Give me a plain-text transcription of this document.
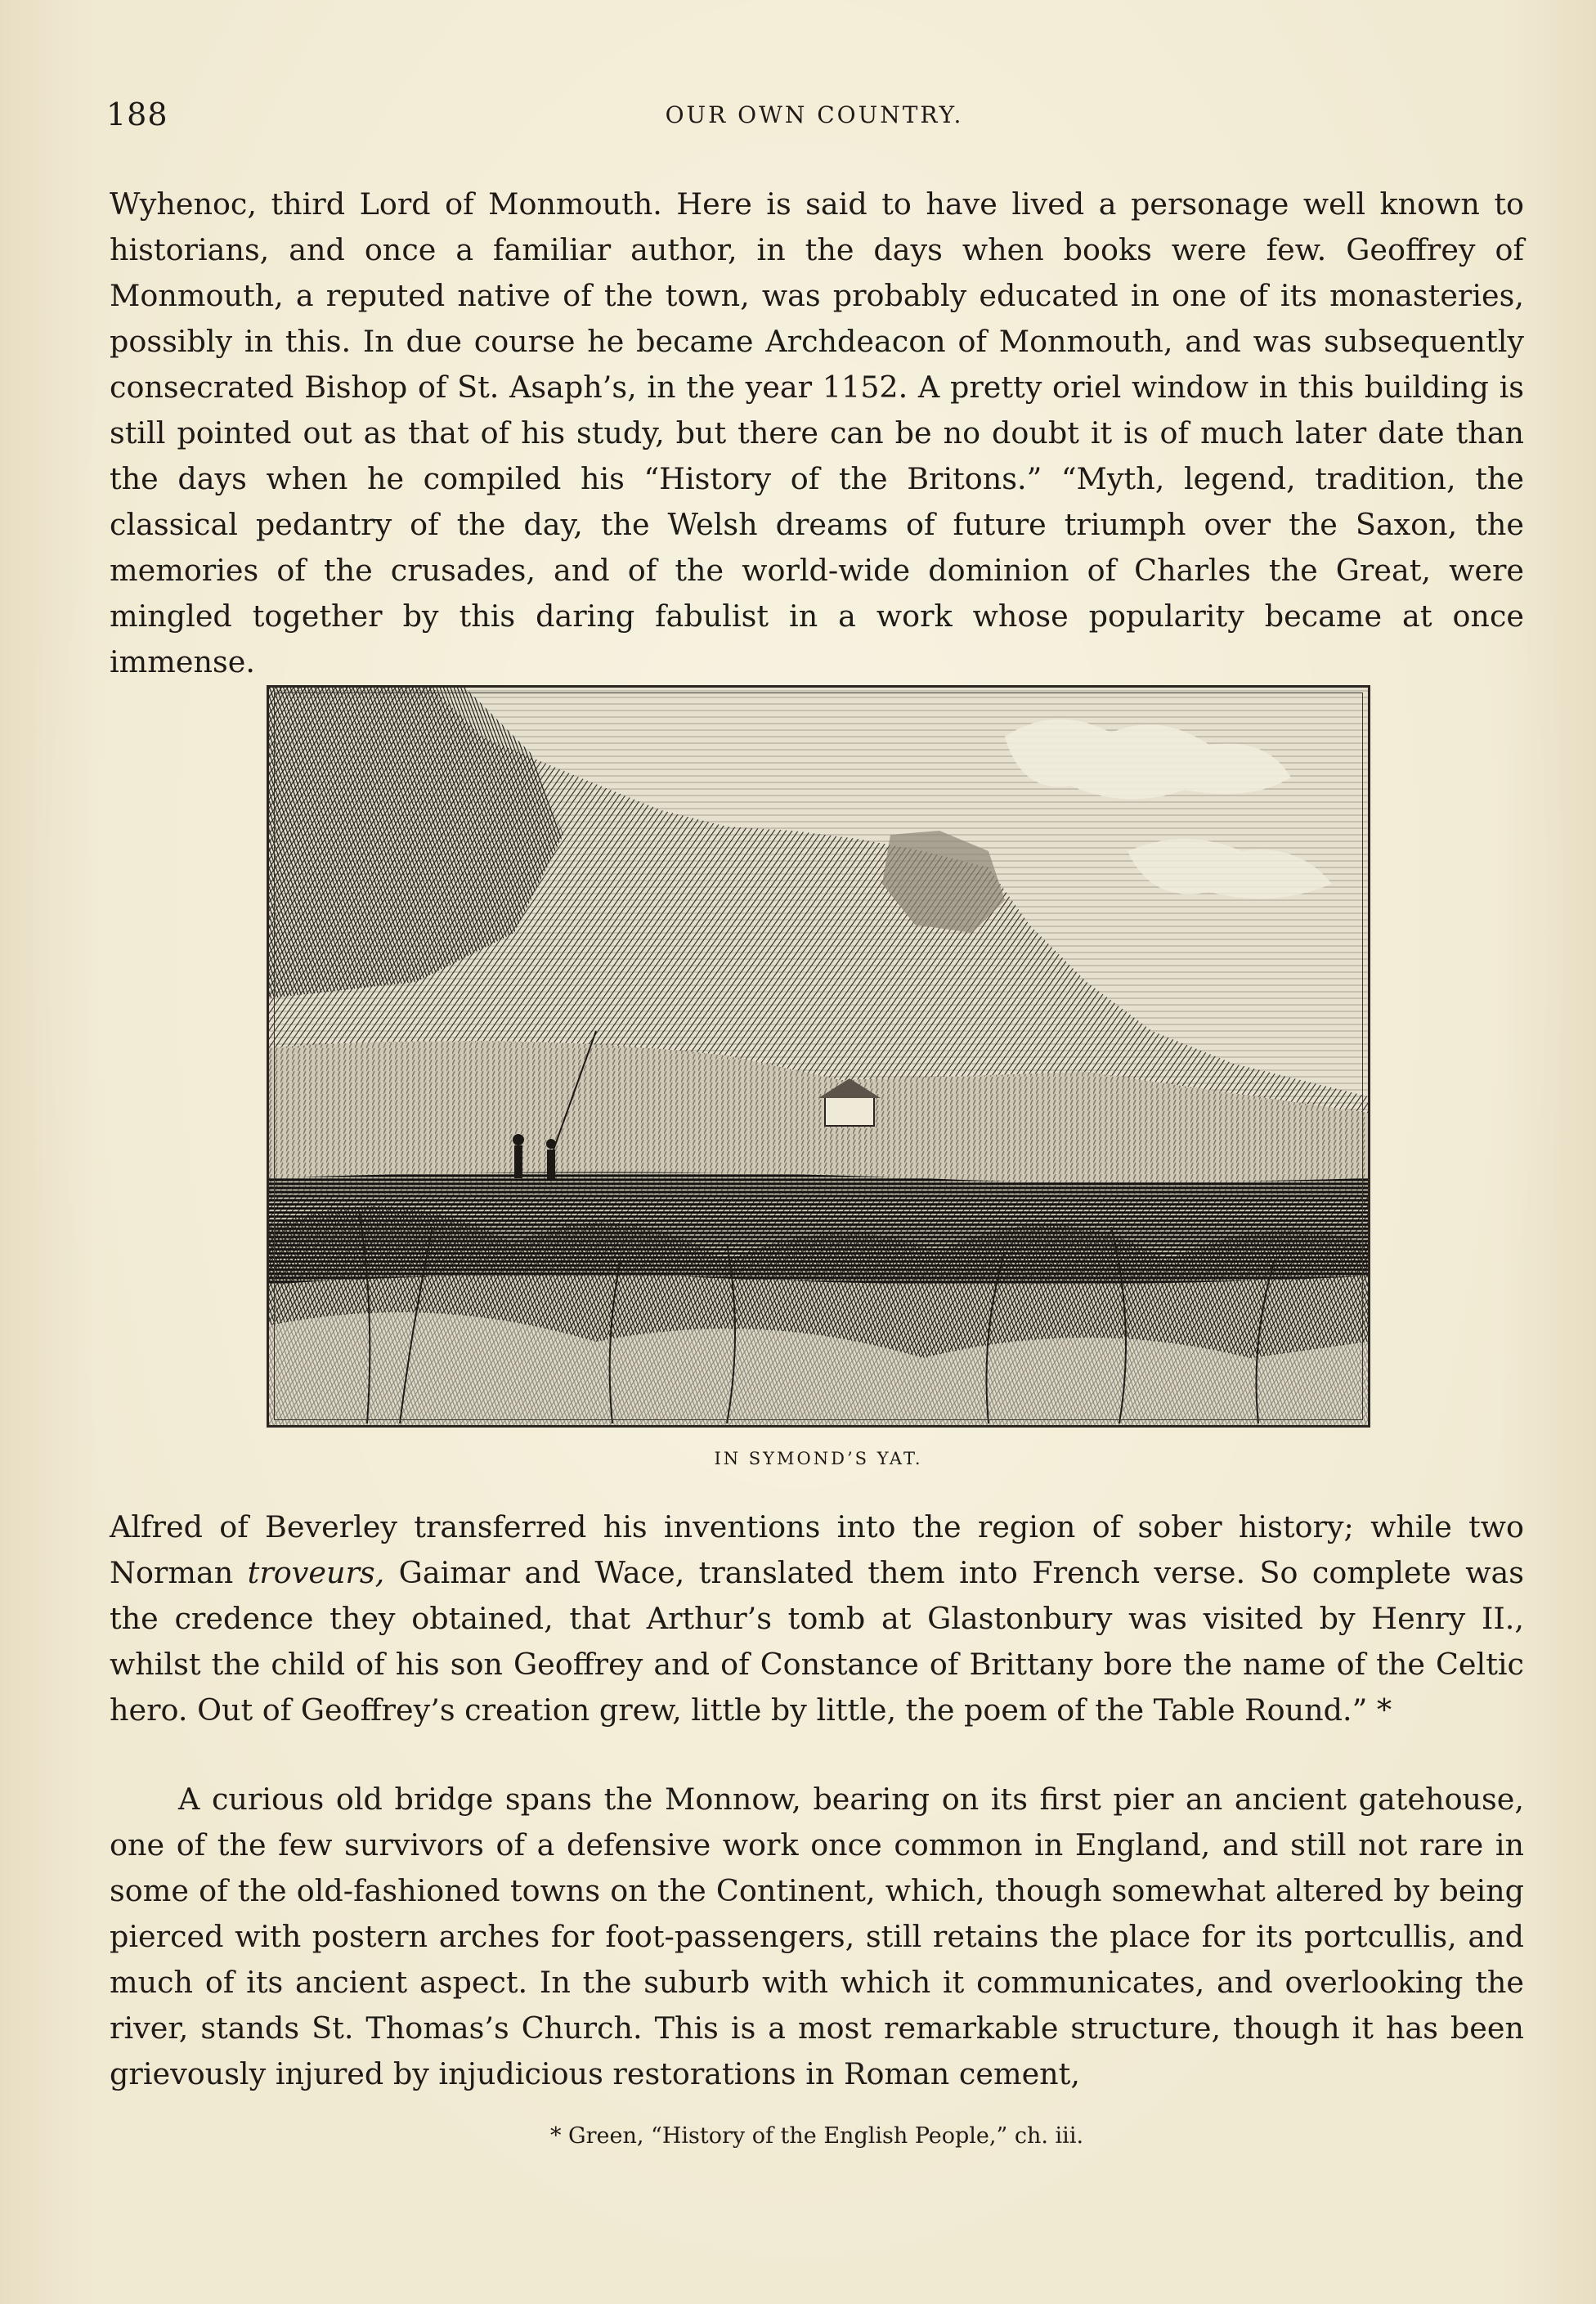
188	OUR OWN COUNTRY.

Wyhenoc, third Lord of Monmouth. Here is said to have lived a personage well known to historians, and once a familiar author, in the days when books were few. Geoffrey of Monmouth, a reputed native of the town, was probably educated in one of its monasteries, possibly in this. In due course he became Archdeacon of Monmouth, and was subsequently consecrated Bishop of St. Asaph’s, in the year 1152. A pretty oriel window in this building is still pointed out as that of his study, but there can be no doubt it is of much later date than the days when he compiled his “History of the Britons.” “Myth, legend, tradition, the classical pedantry of the day, the Welsh dreams of future triumph over the Saxon, the memories of the crusades, and of the world-wide dominion of Charles the Great, were mingled together by this daring fabulist in a work whose popularity became at once immense.

IN SYMOND’S YAT.

Alfred of Beverley transferred his inventions into the region of sober history; while two Norman troveurs, Gaimar and Wace, translated them into French verse. So complete was the credence they obtained, that Arthur’s tomb at Glastonbury was visited by Henry II., whilst the child of his son Geoffrey and of Constance of Brittany bore the name of the Celtic hero. Out of Geoffrey’s creation grew, little by little, the poem of the Table Round.” *

A curious old bridge spans the Monnow, bearing on its first pier an ancient gatehouse, one of the few survivors of a defensive work once common in England, and still not rare in some of the old-fashioned towns on the Continent, which, though somewhat altered by being pierced with postern arches for foot-passengers, still retains the place for its portcullis, and much of its ancient aspect. In the suburb with which it communicates, and overlooking the river, stands St. Thomas’s Church. This is a most remarkable structure, though it has been grievously injured by injudicious restorations in Roman cement,

* Green, “History of the English People,” ch. iii.
